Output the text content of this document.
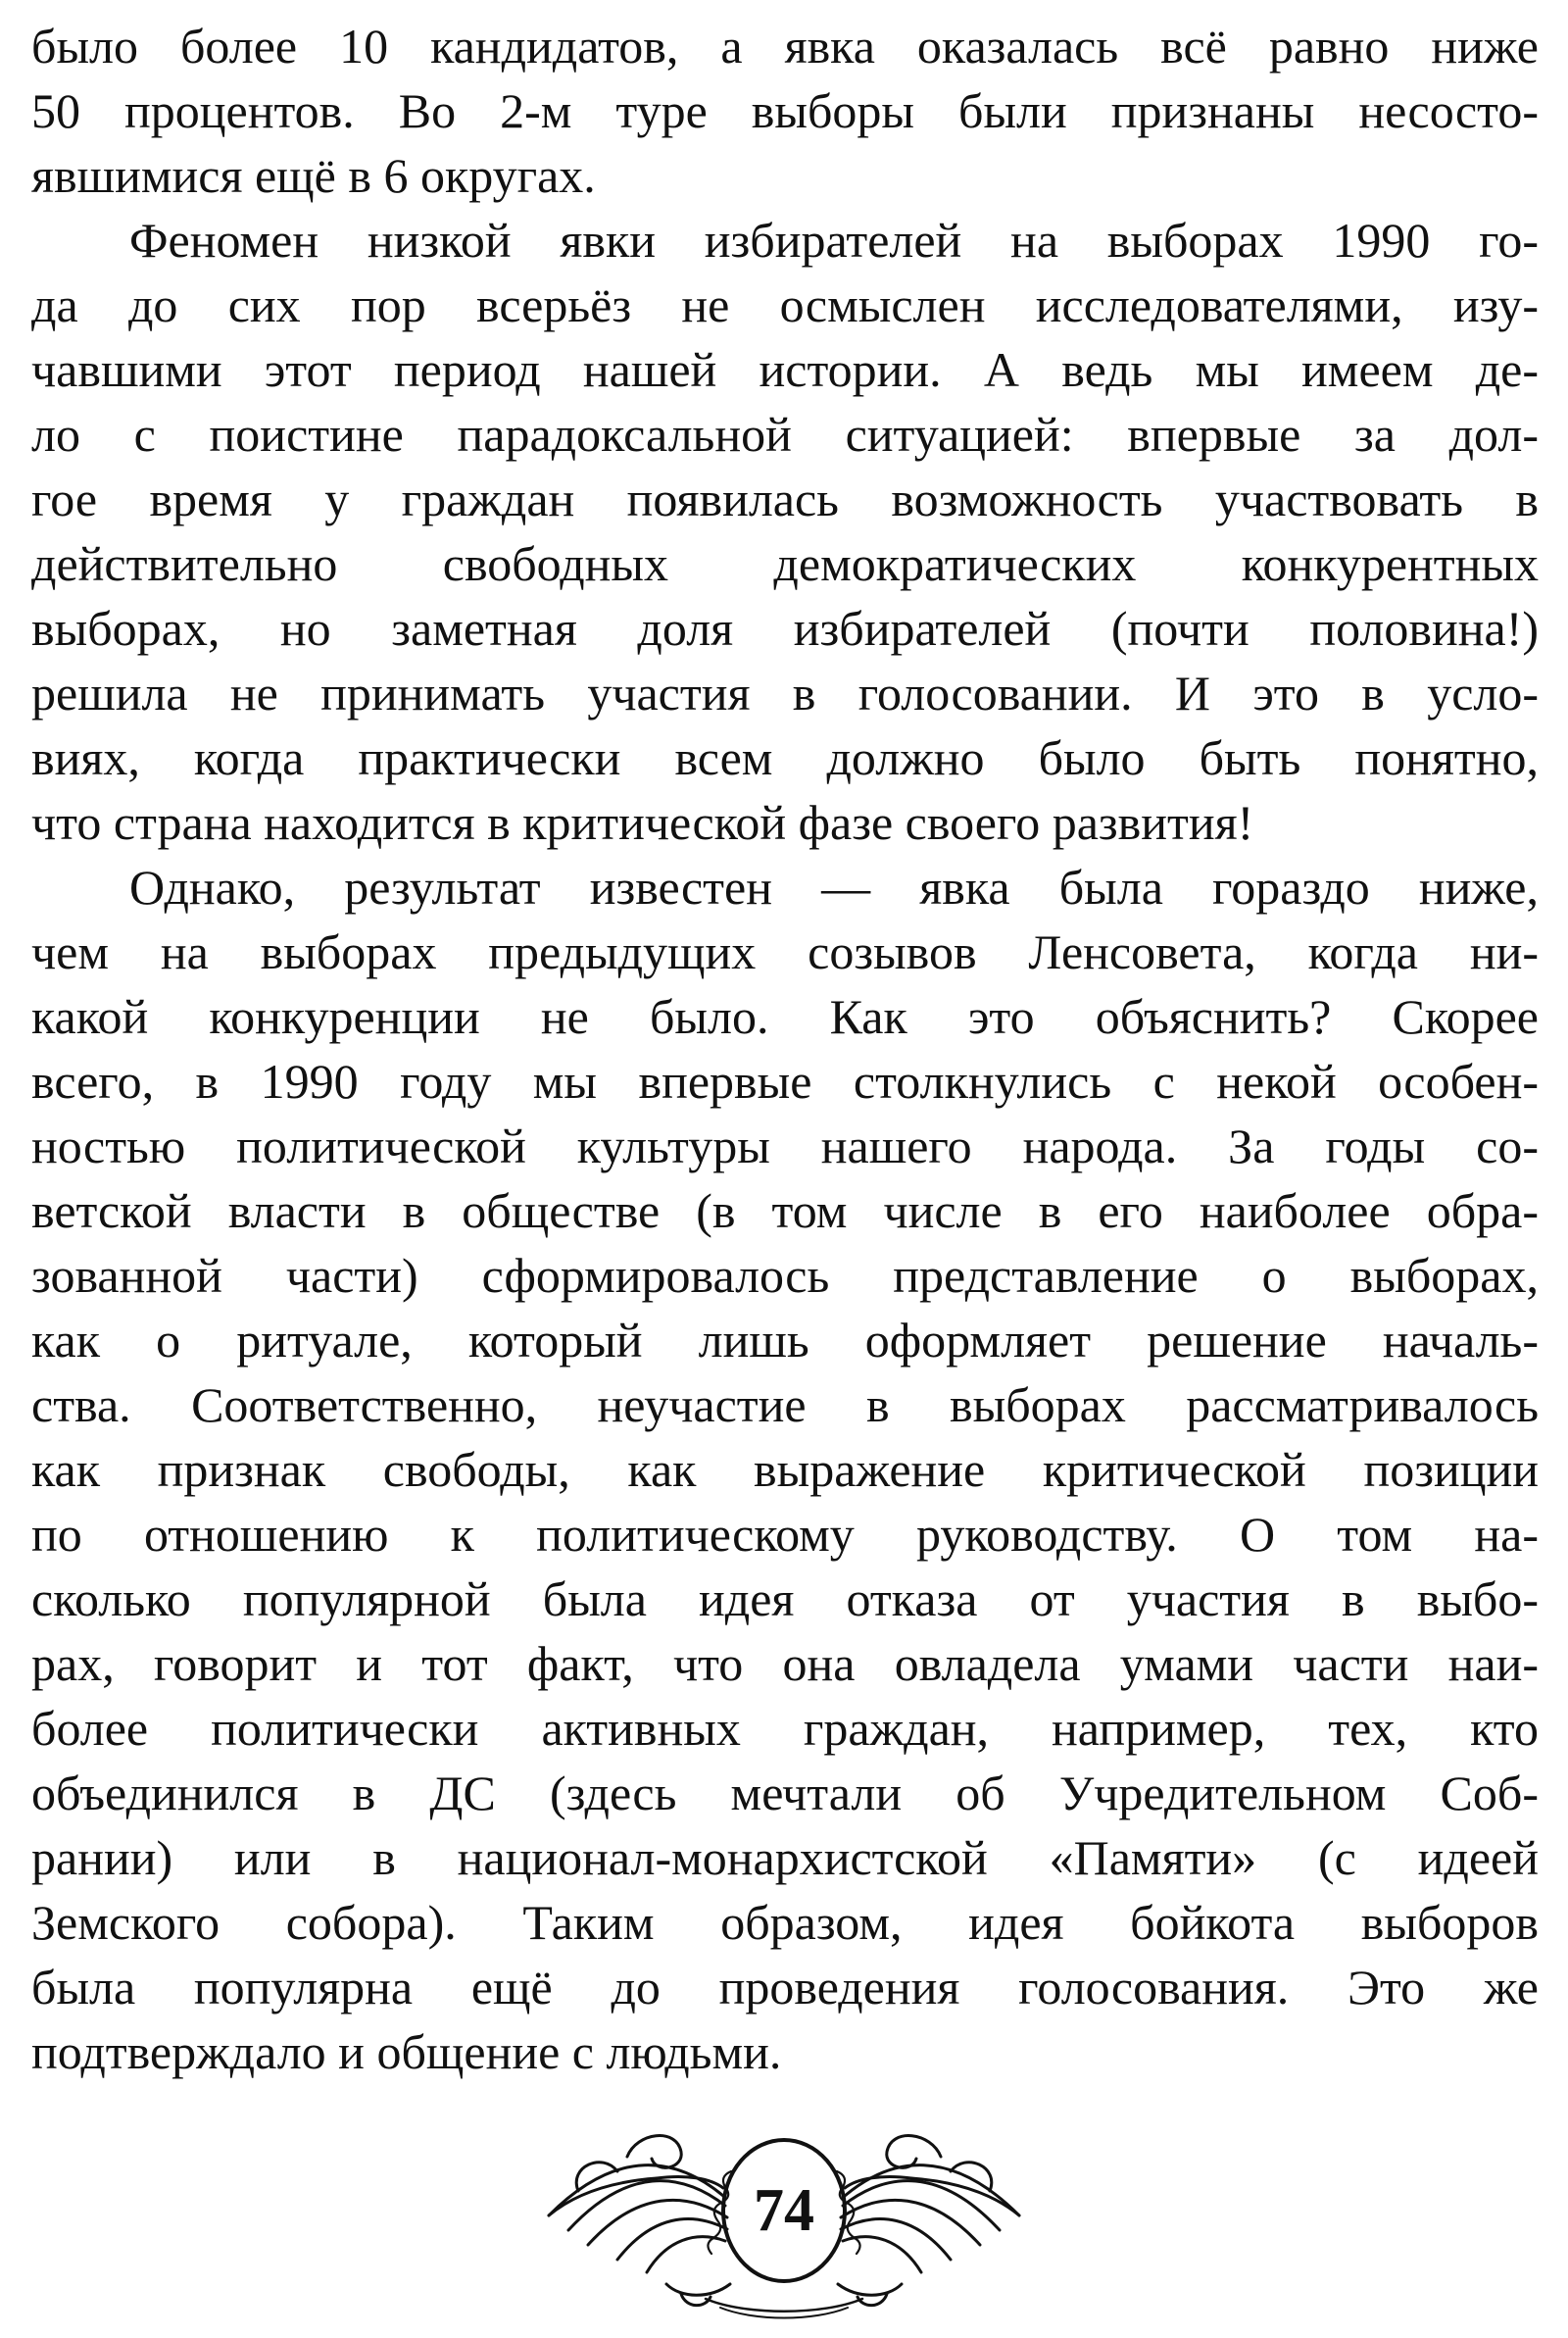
было более 10 кандидатов, а явка оказалась всё равно ниже
50 процентов. Во 2-м туре выборы были признаны несосто-
явшимися ещё в 6 округах.
Феномен низкой явки избирателей на выборах 1990 го-
да до сих пор всерьёз не осмыслен исследователями, изу-
чавшими этот период нашей истории. А ведь мы имеем де-
ло с поистине парадоксальной ситуацией: впервые за дол-
гое время у граждан появилась возможность участвовать в
действительно свободных демократических конкурентных
выборах, но заметная доля избирателей (почти половина!)
решила не принимать участия в голосовании. И это в усло-
виях, когда практически всем должно было быть понятно,
что страна находится в критической фазе своего развития!
Однако, результат известен — явка была гораздо ниже,
чем на выборах предыдущих созывов Ленсовета, когда ни-
какой конкуренции не было. Как это объяснить? Скорее
всего, в 1990 году мы впервые столкнулись с некой особен-
ностью политической культуры нашего народа. За годы со-
ветской власти в обществе (в том числе в его наиболее обра-
зованной части) сформировалось представление о выборах,
как о ритуале, который лишь оформляет решение началь-
ства. Соответственно, неучастие в выборах рассматривалось
как признак свободы, как выражение критической позиции
по отношению к политическому руководству. О том на-
сколько популярной была идея отказа от участия в выбо-
рах, говорит и тот факт, что она овладела умами части наи-
более политически активных граждан, например, тех, кто
объединился в ДС (здесь мечтали об Учредительном Соб-
рании) или в национал-монархистской «Памяти» (с идеей
Земского собора). Таким образом, идея бойкота выборов
была популярна ещё до проведения голосования. Это же
подтверждало и общение с людьми.
74
